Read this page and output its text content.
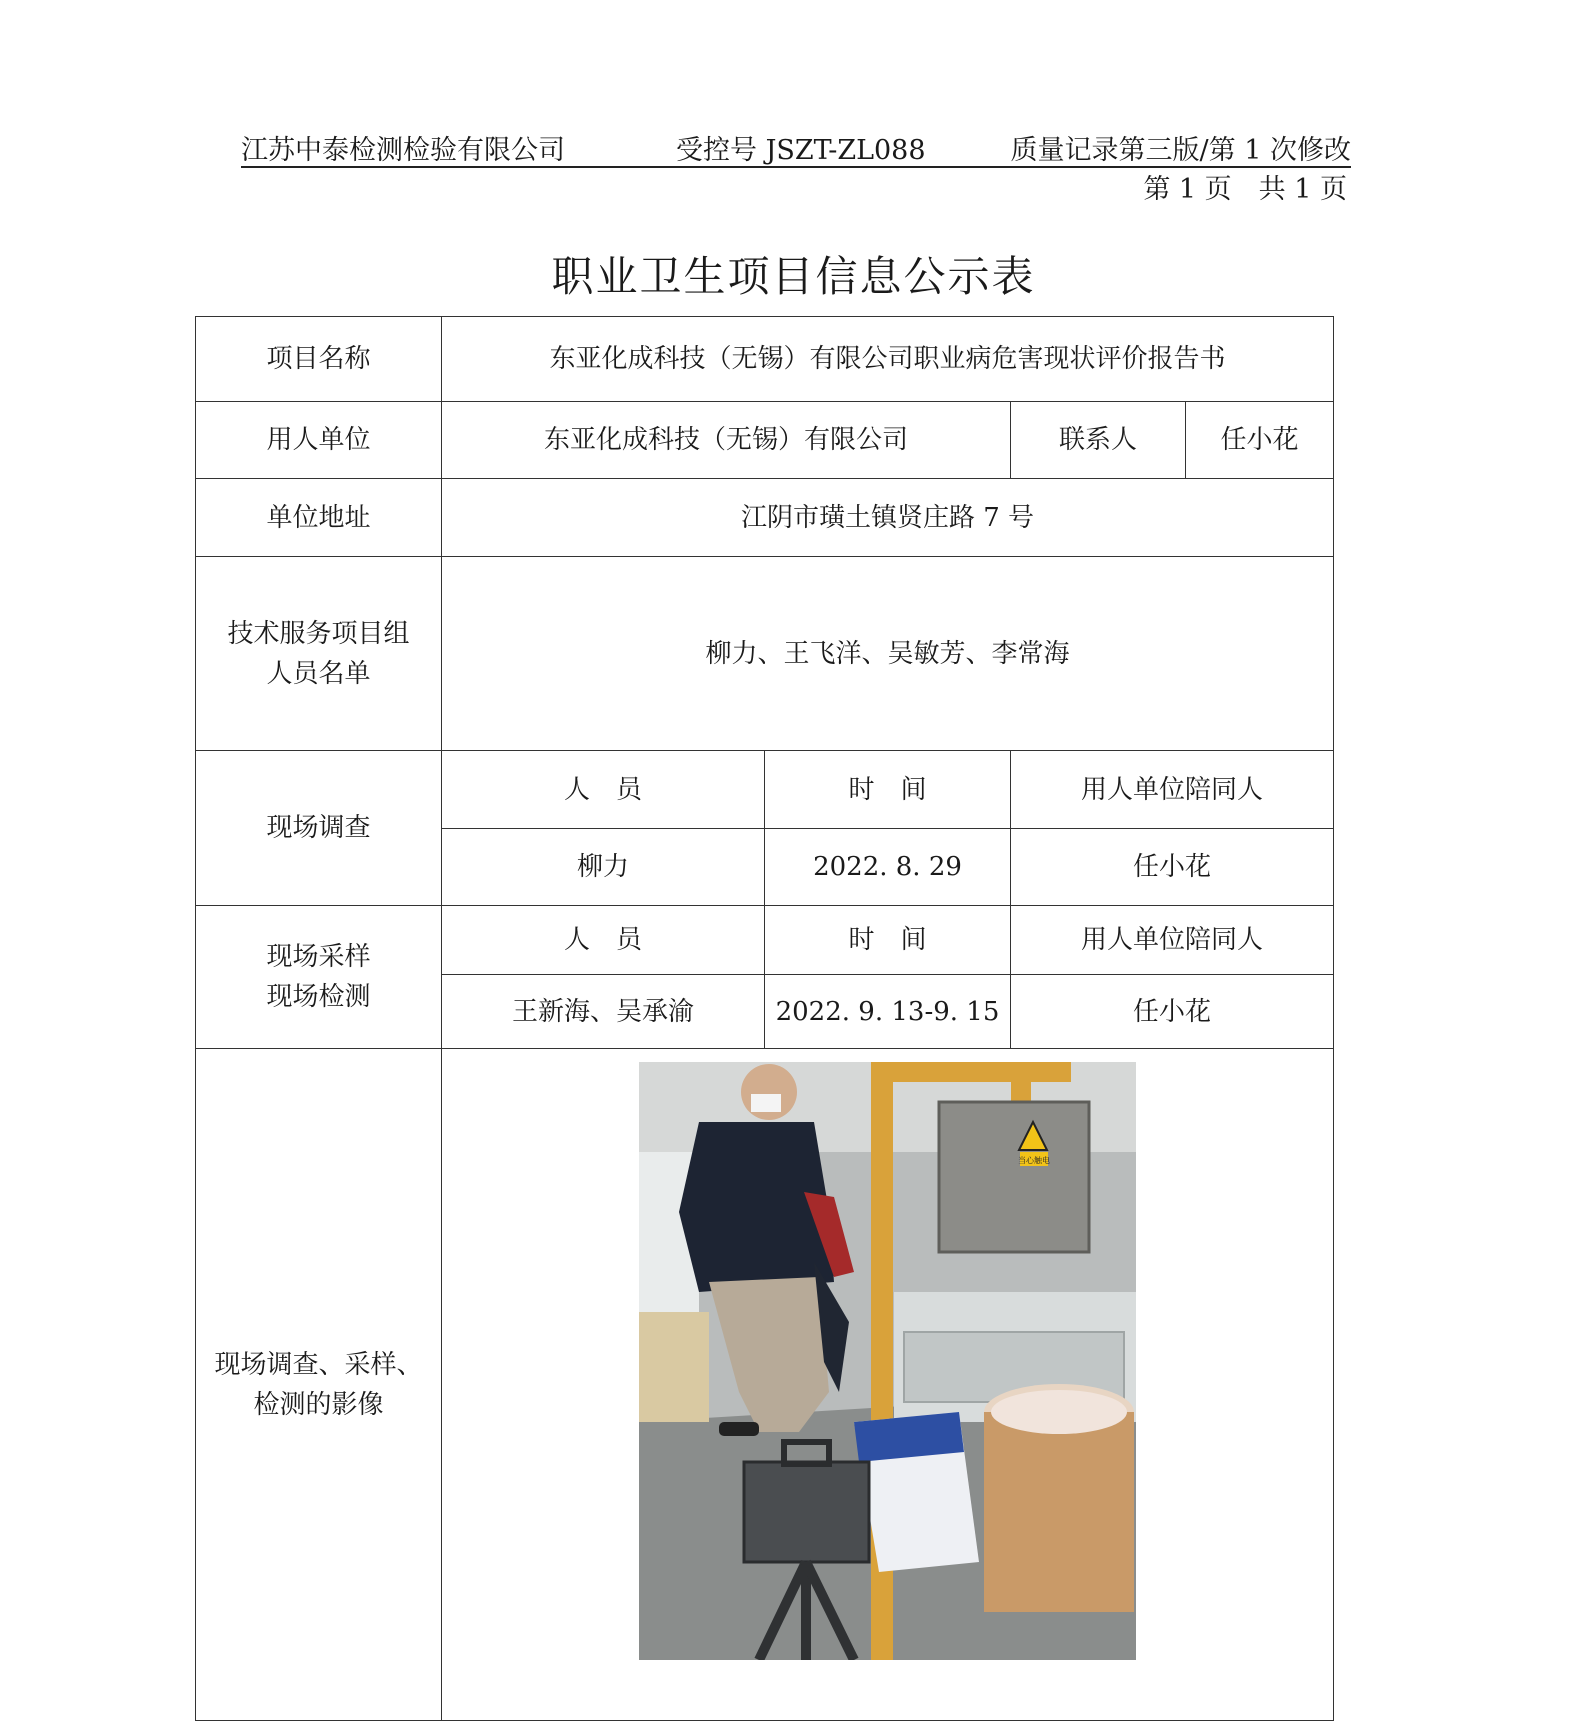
江苏中泰检测检验有限公司	受控号 JSZT-ZL088	质量记录第三版/第 1 次修改
第 1 页　共 1 页
职业卫生项目信息公示表
项目名称	东亚化成科技（无锡）有限公司职业病危害现状评价报告书			
用人单位	东亚化成科技（无锡）有限公司		联系人	任小花
单位地址	江阴市璜土镇贤庄路 7 号			

技术服务项目组
人员名单	柳力、王飞洋、吴敏芳、李常海			
现场调查	人　员	时　间	用人单位陪同人	
	柳力	2022. 8. 29	任小花	

现场采样
现场检测	人　员	时　间	用人单位陪同人	
	王新海、吴承渝	2022. 9. 13-9. 15	任小花	

现场调查、采样、
检测的影像	当心触电			
